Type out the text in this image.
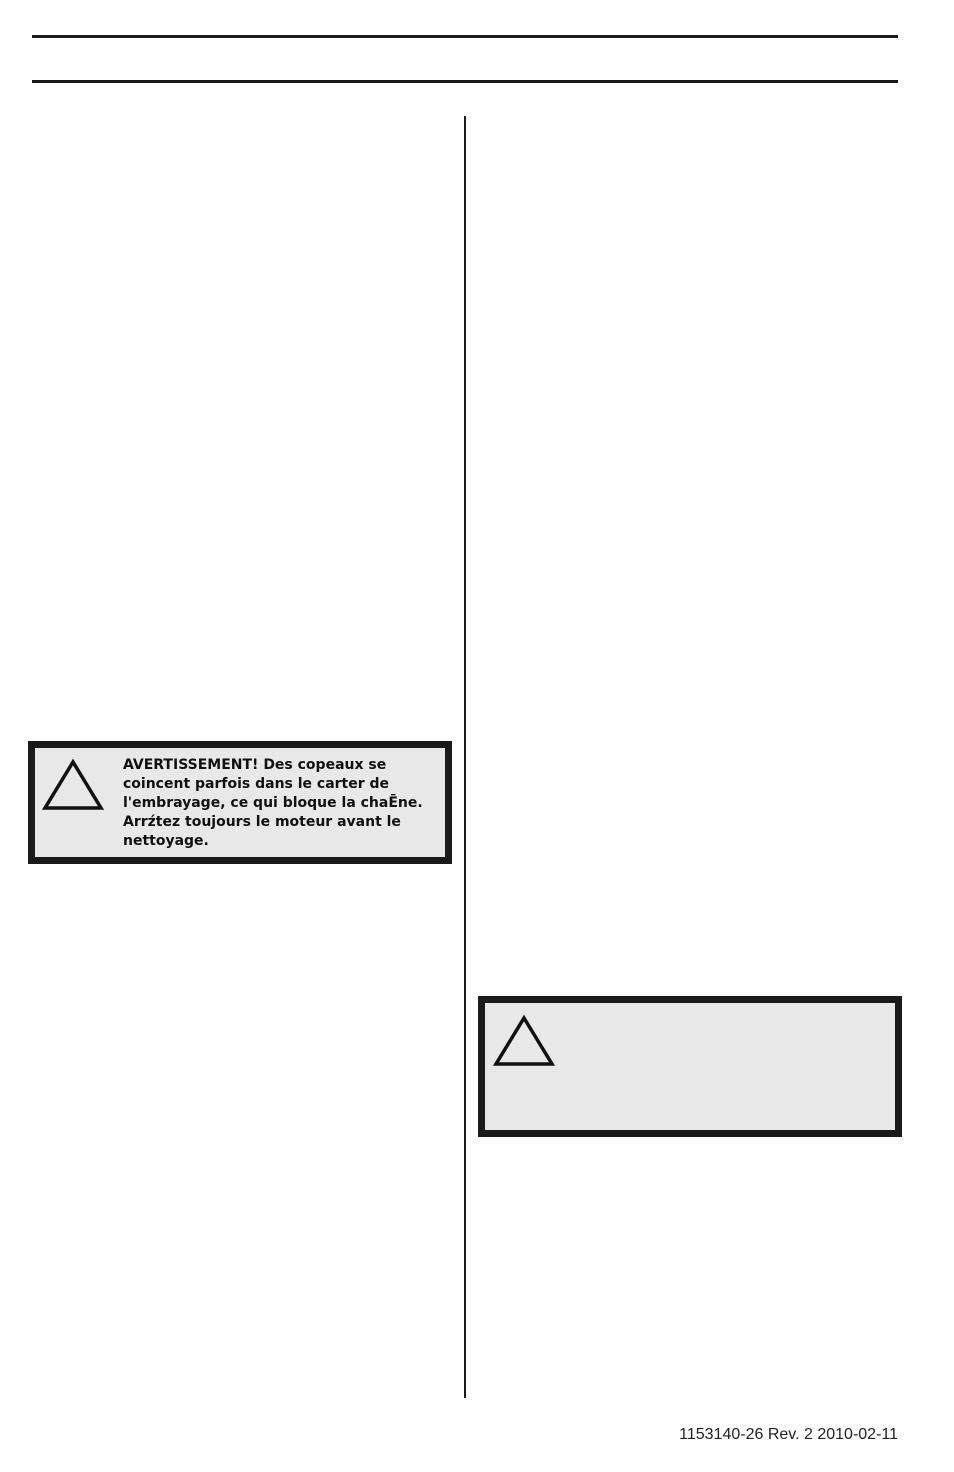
AVERTISSEMENT! Des copeaux se
coincent parfois dans le carter de
l'embrayage, ce qui bloque la chaĒne.
Arrźtez toujours le moteur avant le
nettoyage.

1153140-26 Rev. 2 2010-02-11
